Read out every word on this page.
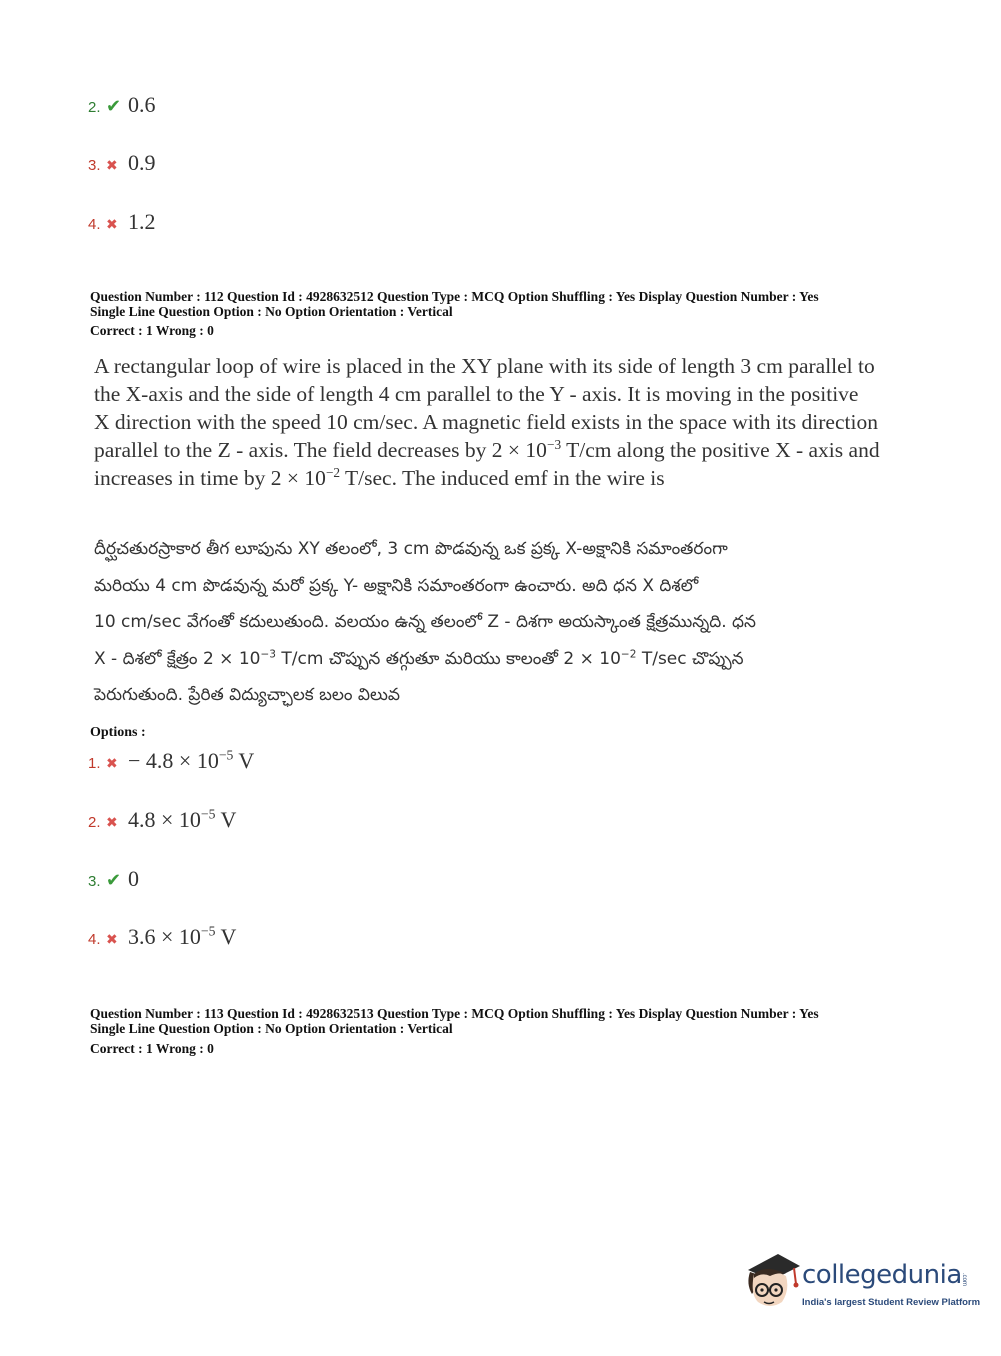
2. ✔ 0.6
3. ✖ 0.9
4. ✖ 1.2
Question Number : 112 Question Id : 4928632512 Question Type : MCQ Option Shuffling : Yes Display Question Number : Yes
Single Line Question Option : No Option Orientation : Vertical
Correct : 1 Wrong : 0
A rectangular loop of wire is placed in the XY plane with its side of length 3 cm parallel to
the X-axis and the side of length 4 cm parallel to the Y - axis. It is moving in the positive
X direction with the speed 10 cm/sec. A magnetic field exists in the space with its direction
parallel to the Z - axis. The field decreases by $2 \times 10^{-3}$ T/cm along the positive X - axis and
increases in time by $2 \times 10^{-2}$ T/sec. The induced emf in the wire is
దీర్ఘచతురస్రాకార తీగ లూపును XY తలంలో, 3 cm పొడవున్న ఒక ప్రక్క X-అక్షానికి సమాంతరంగా
మరియు 4 cm పొడవున్న మరో ప్రక్క Y- అక్షానికి సమాంతరంగా ఉంచారు. అది ధన X దిశలో
10 cm/sec వేగంతో కదులుతుంది. వలయం ఉన్న తలంలో Z - దిశగా అయస్కాంత క్షేత్రమున్నది. ధన
X - దిశలో క్షేత్రం $2 \times 10^{-3}$ T/cm చొప్పున తగ్గుతూ మరియు కాలంతో $2 \times 10^{-2}$ T/sec చొప్పున
పెరుగుతుంది. ప్రేరిత విద్యుచ్ఛాలక బలం విలువ
Options :
1. ✖ − $4.8 \times 10^{-5}$ V
2. ✖ $4.8 \times 10^{-5}$ V
3. ✔ 0
4. ✖ $3.6 \times 10^{-5}$ V
Question Number : 113 Question Id : 4928632513 Question Type : MCQ Option Shuffling : Yes Display Question Number : Yes
Single Line Question Option : No Option Orientation : Vertical
Correct : 1 Wrong : 0
collegedunia .com
India's largest Student Review Platform
